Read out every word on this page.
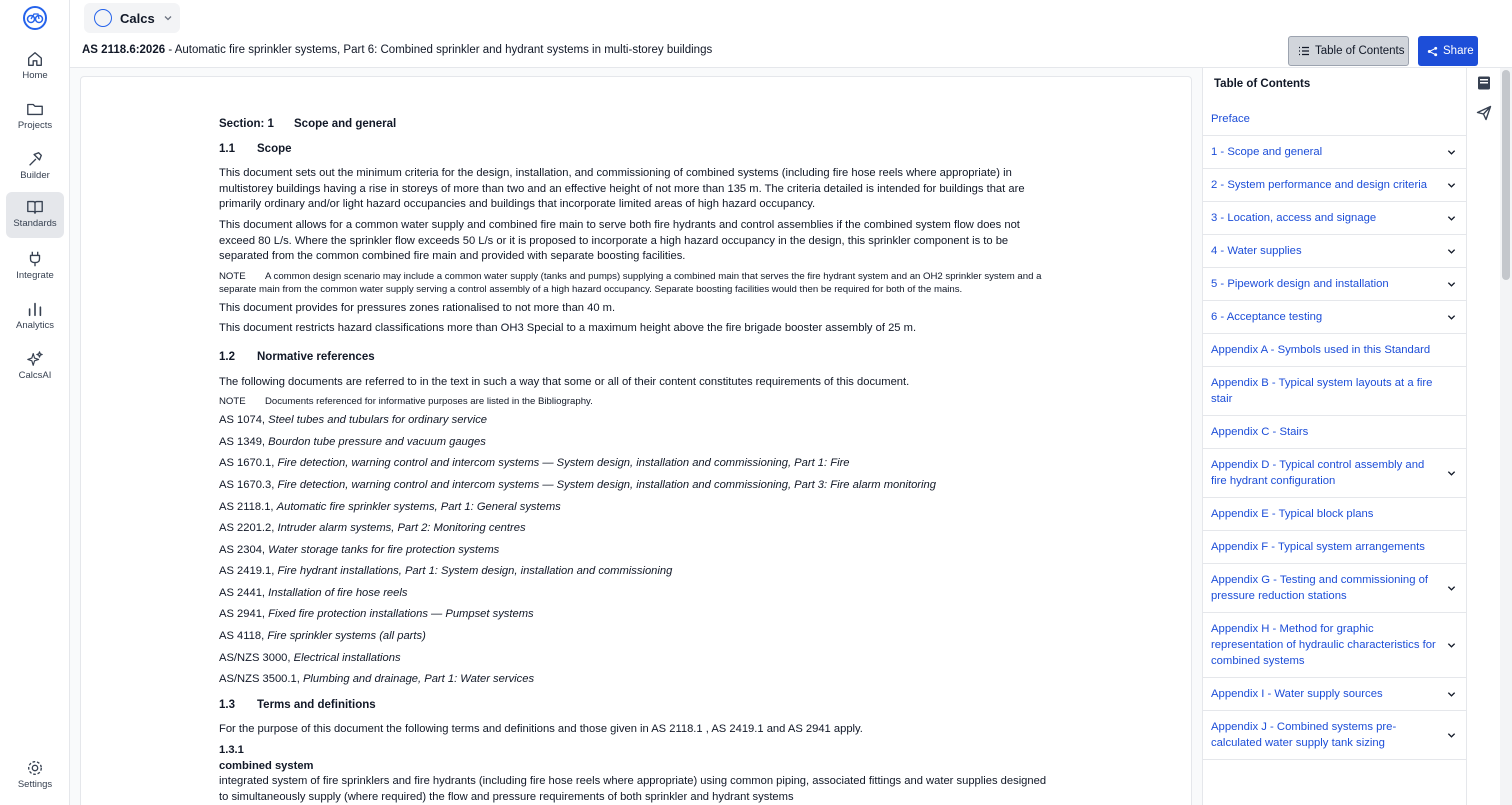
Home
Projects
Builder
Standards
Integrate
Analytics
CalcsAI
Settings
Calcs
AS 2118.6:2026 - Automatic fire sprinkler systems, Part 6: Combined sprinkler and hydrant systems in multi-storey buildings	Table of Contents	Share
Section: 1 Scope and general
1.1 Scope

This document sets out the minimum criteria for the design, installation, and commissioning of combined systems (including fire hose reels where appropriate) in multistorey buildings having a rise in storeys of more than two and an effective height of not more than 135 m. The criteria detailed is intended for buildings that are primarily ordinary and/or light hazard occupancies and buildings that incorporate limited areas of high hazard occupancy.

This document allows for a common water supply and combined fire main to serve both fire hydrants and control assemblies if the combined system flow does not exceed 80 L/s. Where the sprinkler flow exceeds 50 L/s or it is proposed to incorporate a high hazard occupancy in the design, this sprinkler component is to be separated from the common combined fire main and provided with separate boosting facilities.

NOTE A common design scenario may include a common water supply (tanks and pumps) supplying a combined main that serves the fire hydrant system and an OH2 sprinkler system and a separate main from the common water supply serving a control assembly of a high hazard occupancy. Separate boosting facilities would then be required for both of the mains.

This document provides for pressures zones rationalised to not more than 40 m.

This document restricts hazard classifications more than OH3 Special to a maximum height above the fire brigade booster assembly of 25 m.

1.2 Normative references

The following documents are referred to in the text in such a way that some or all of their content constitutes requirements of this document.

NOTE Documents referenced for informative purposes are listed in the Bibliography.

AS 1074, Steel tubes and tubulars for ordinary service

AS 1349, Bourdon tube pressure and vacuum gauges

AS 1670.1, Fire detection, warning control and intercom systems — System design, installation and commissioning, Part 1: Fire

AS 1670.3, Fire detection, warning control and intercom systems — System design, installation and commissioning, Part 3: Fire alarm monitoring

AS 2118.1, Automatic fire sprinkler systems, Part 1: General systems

AS 2201.2, Intruder alarm systems, Part 2: Monitoring centres

AS 2304, Water storage tanks for fire protection systems

AS 2419.1, Fire hydrant installations, Part 1: System design, installation and commissioning

AS 2441, Installation of fire hose reels

AS 2941, Fixed fire protection installations — Pumpset systems

AS 4118, Fire sprinkler systems (all parts)

AS/NZS 3000, Electrical installations

AS/NZS 3500.1, Plumbing and drainage, Part 1: Water services

1.3 Terms and definitions

For the purpose of this document the following terms and definitions and those given in AS 2118.1 , AS 2419.1 and AS 2941 apply.

1.3.1

combined system

integrated system of fire sprinklers and fire hydrants (including fire hose reels where appropriate) using common piping, associated fittings and water supplies designed to simultaneously supply (where required) the flow and pressure requirements of both sprinkler and hydrant systems

Table of Contents
Preface
1 - Scope and general
2 - System performance and design criteria
3 - Location, access and signage
4 - Water supplies
5 - Pipework design and installation
6 - Acceptance testing
Appendix A - Symbols used in this Standard
Appendix B - Typical system layouts at a fire stair
Appendix C - Stairs
Appendix D - Typical control assembly and fire hydrant configuration
Appendix E - Typical block plans
Appendix F - Typical system arrangements
Appendix G - Testing and commissioning of pressure reduction stations
Appendix H - Method for graphic representation of hydraulic characteristics for combined systems
Appendix I - Water supply sources
Appendix J - Combined systems pre-calculated water supply tank sizing
